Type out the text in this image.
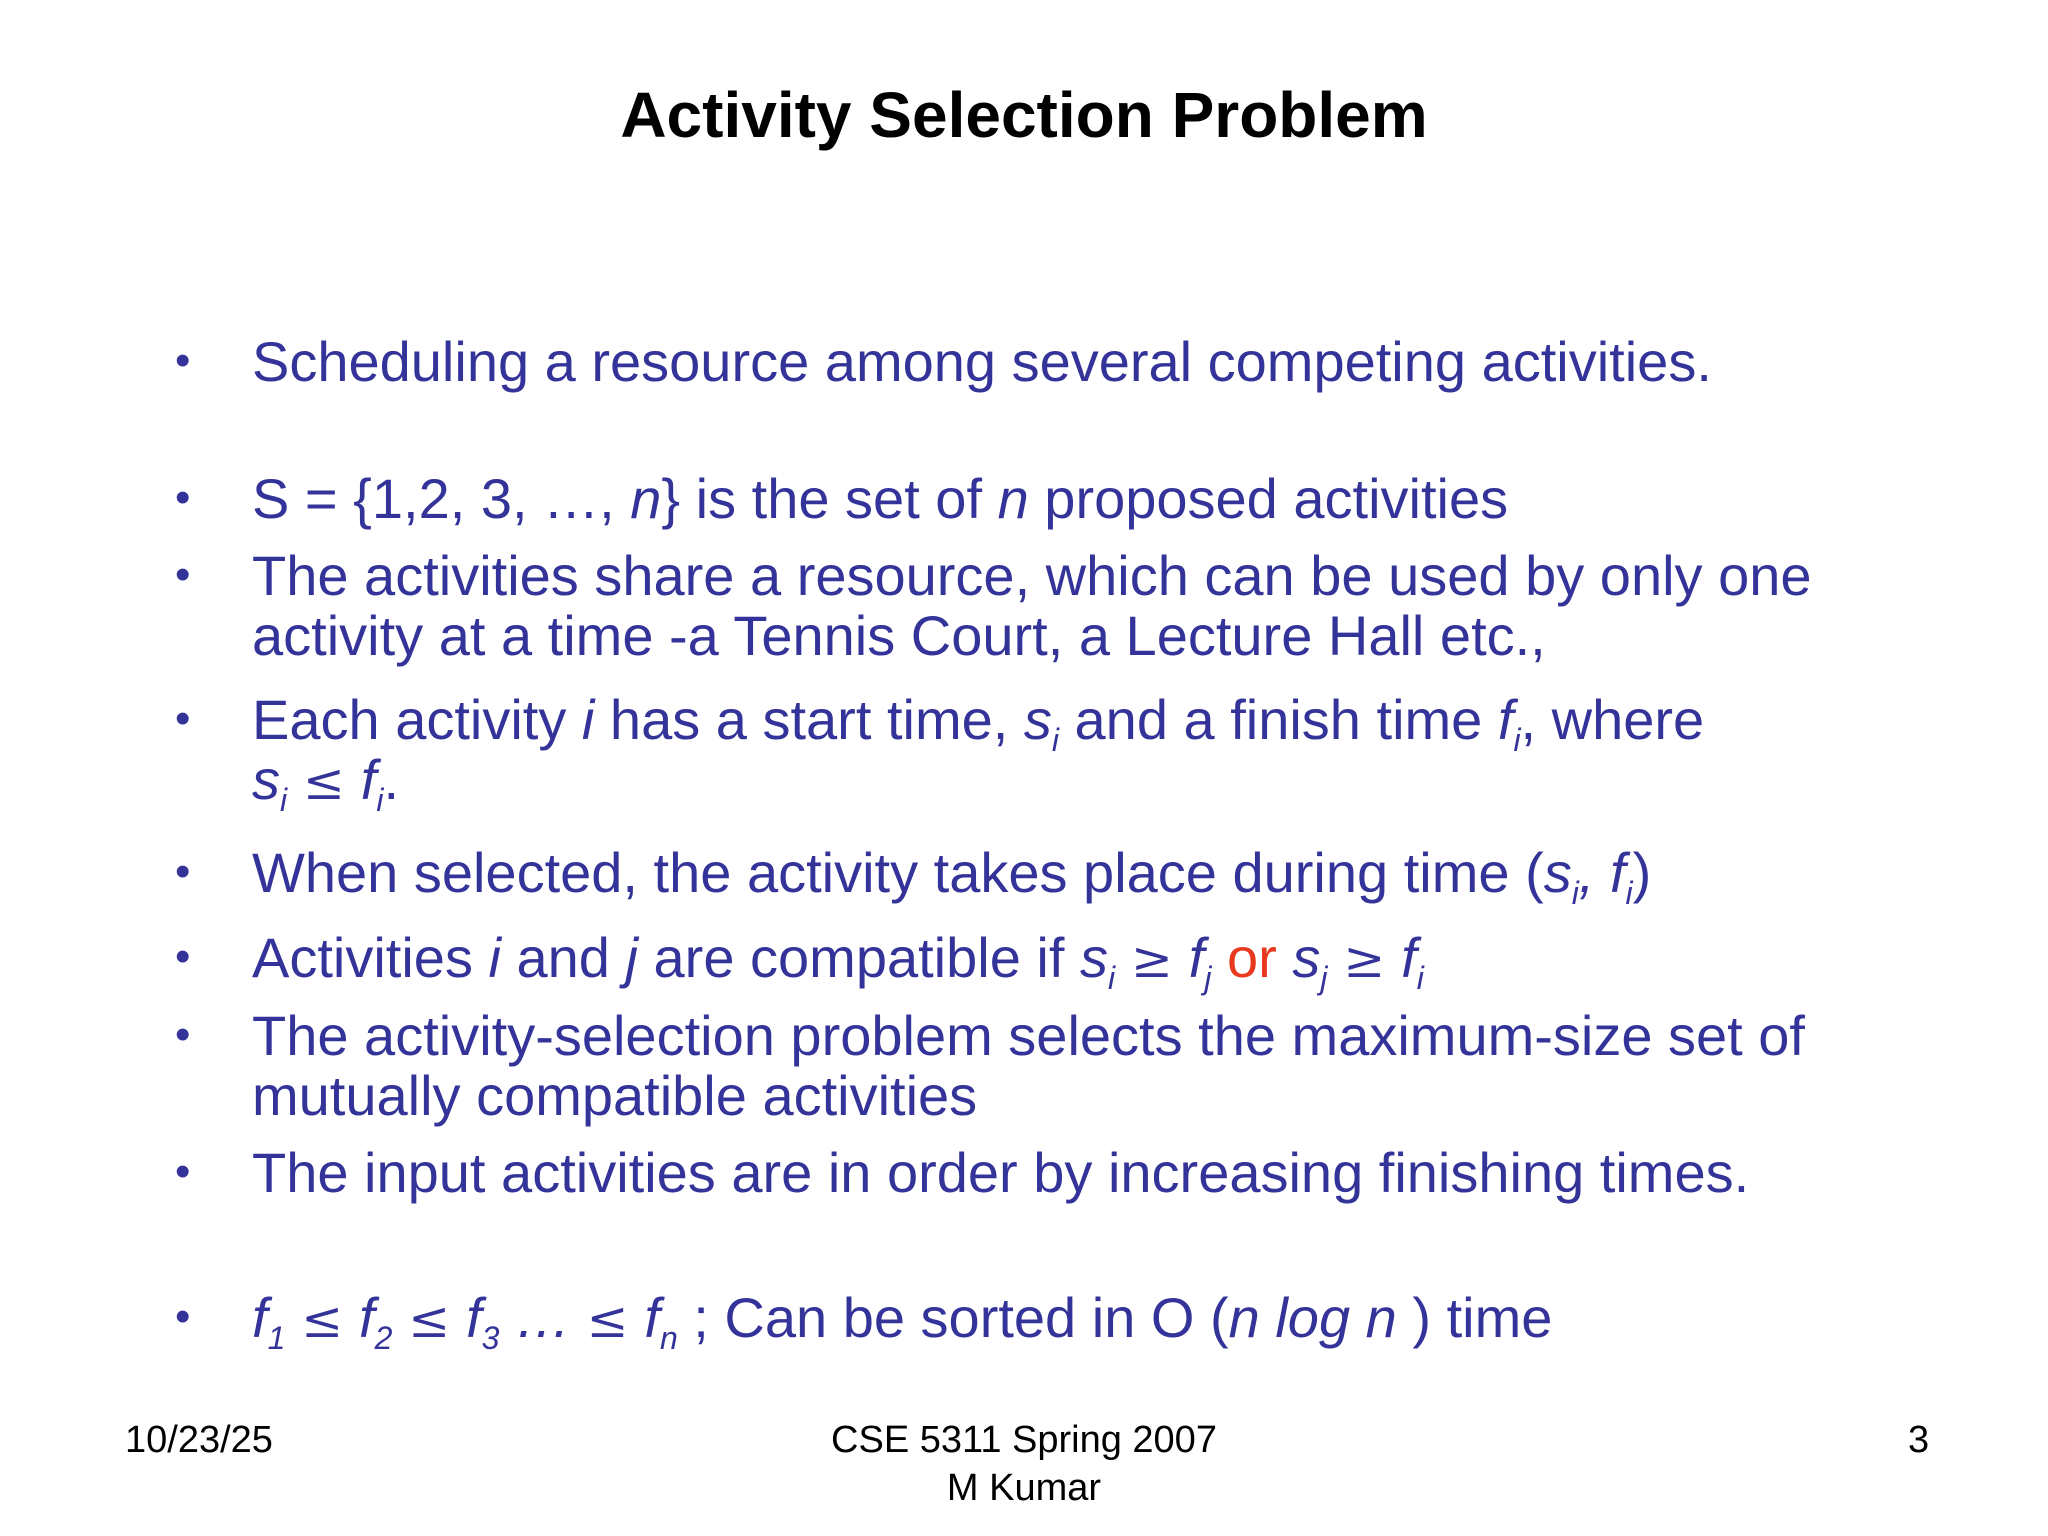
Activity Selection Problem
• Scheduling a resource among several competing activities.
• S = {1,2, 3, …, n} is the set of n proposed activities
• The activities share a resource, which can be used by only one activity at a time -a Tennis Court, a Lecture Hall etc.,
• Each activity i has a start time, $s_i$ and a finish time $f_i$, where
$s_i \le f_i$.
• When selected, the activity takes place during time ($s_i$, $f_i$)
• Activities i and j are compatible if $s_i \ge f_j$ or $s_j \ge f_i$
• The activity-selection problem selects the maximum-size set of mutually compatible activities
• The input activities are in order by increasing finishing times.
• $f_1 \le f_2 \le f_3$ … ≤ $f_n$ ; Can be sorted in O (n log n ) time
10/23/25	CSE 5311 Spring 2007
M Kumar
3
